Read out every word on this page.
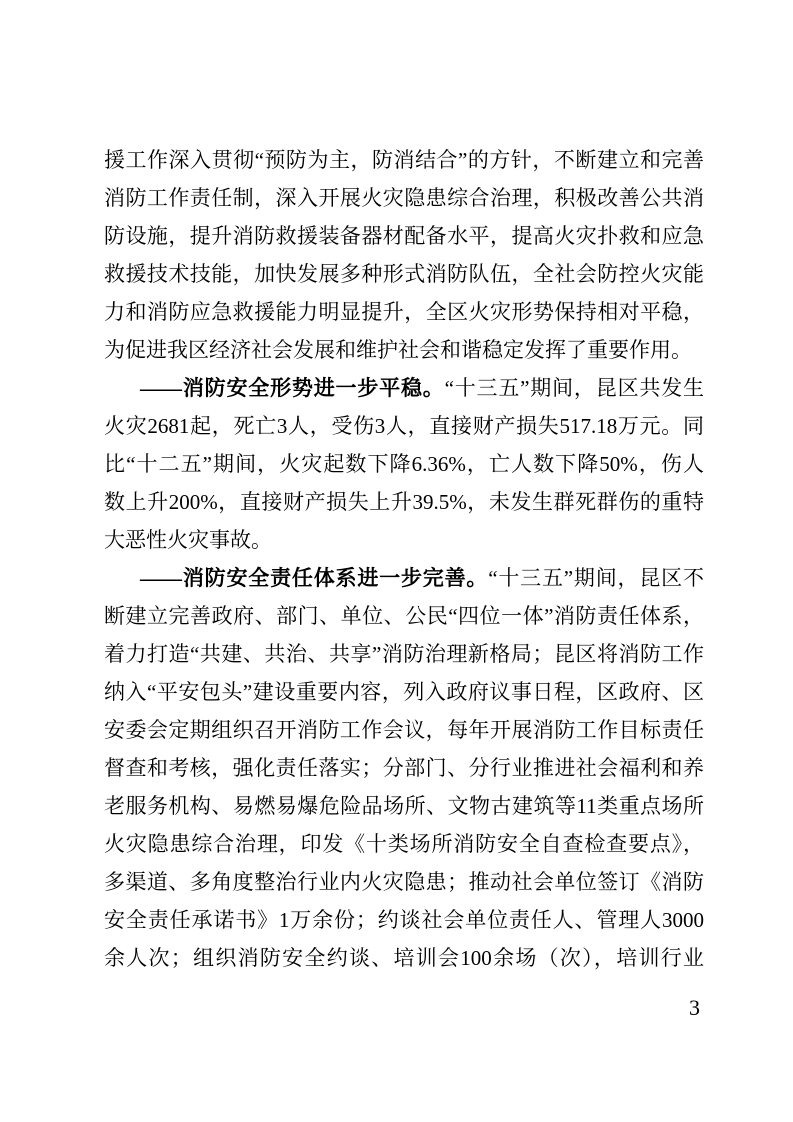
援工作深入贯彻“预防为主，防消结合”的方针，不断建立和完善
消防工作责任制，深入开展火灾隐患综合治理，积极改善公共消
防设施，提升消防救援装备器材配备水平，提高火灾扑救和应急
救援技术技能，加快发展多种形式消防队伍，全社会防控火灾能
力和消防应急救援能力明显提升，全区火灾形势保持相对平稳，
为促进我区经济社会发展和维护社会和谐稳定发挥了重要作用。
——消防安全形势进一步平稳。“十三五”期间，昆区共发生
火灾2681起，死亡3人，受伤3人，直接财产损失517.18万元。同
比“十二五”期间，火灾起数下降6.36%，亡人数下降50%，伤人
数上升200%，直接财产损失上升39.5%，未发生群死群伤的重特
大恶性火灾事故。
——消防安全责任体系进一步完善。“十三五”期间，昆区不
断建立完善政府、部门、单位、公民“四位一体”消防责任体系，
着力打造“共建、共治、共享”消防治理新格局；昆区将消防工作
纳入“平安包头”建设重要内容，列入政府议事日程，区政府、区
安委会定期组织召开消防工作会议，每年开展消防工作目标责任
督查和考核，强化责任落实；分部门、分行业推进社会福利和养
老服务机构、易燃易爆危险品场所、文物古建筑等11类重点场所
火灾隐患综合治理，印发《十类场所消防安全自查检查要点》，
多渠道、多角度整治行业内火灾隐患；推动社会单位签订《消防
安全责任承诺书》1万余份；约谈社会单位责任人、管理人3000
余人次；组织消防安全约谈、培训会100余场（次），培训行业
3
